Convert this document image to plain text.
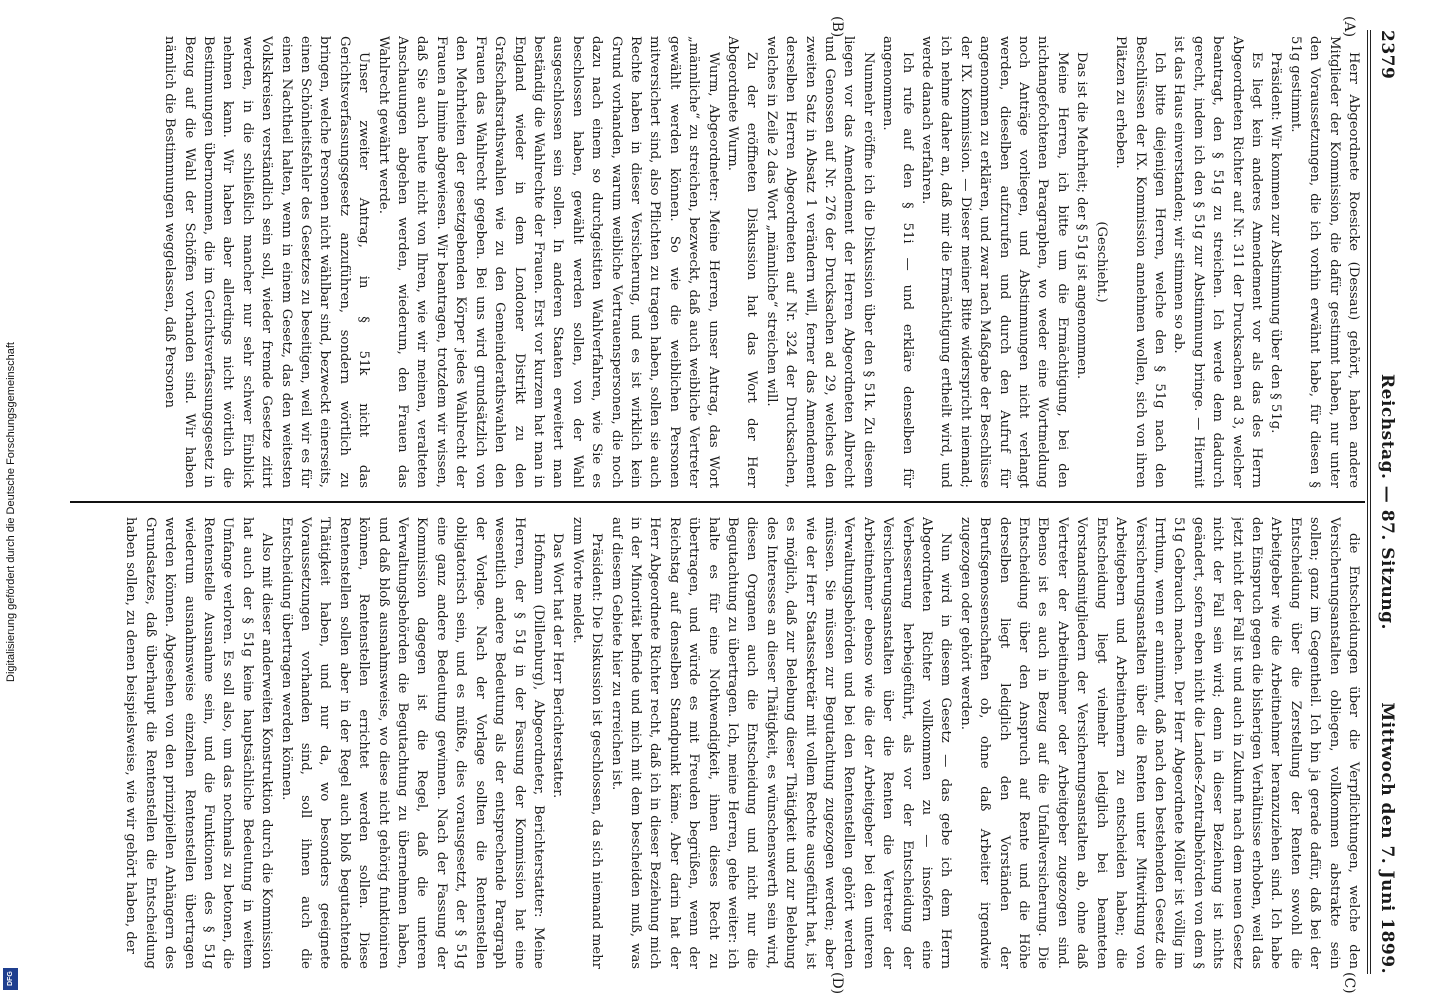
2379
Reichstag. — 87. Sitzung.
Mittwoch den 7. Juni 1899.
(A)
(B)
(C)
(D)

Herr Abgeordnete Roesicke (Dessau) gehört, haben andere Mitglieder der Kommission, die dafür gestimmt haben, nur unter den Voraussetzungen, die ich vorhin erwähnt habe, für diesen § 51g gestimmt.

Präsident: Wir kommen zur Abstimmung über den § 51g.

Es liegt kein anderes Amendement vor als das des Herrn Abgeordneten Richter auf Nr. 311 der Drucksachen ad 3, welcher beantragt, den § 51g zu streichen. Ich werde dem dadurch gerecht, indem ich den § 51g zur Abstimmung bringe. — Hiermit ist das Haus einverstanden; wir stimmen so ab.

Ich bitte diejenigen Herren, welche den § 51g nach den Beschlüssen der IX. Kommission annehmen wollen, sich von ihren Plätzen zu erheben.

(Geschieht.)

Das ist die Mehrheit; der § 51g ist angenommen.

Meine Herren, ich bitte um die Ermächtigung, bei den nichtangefochtenen Paragraphen, wo weder eine Wortmeldung noch Anträge vorliegen, und Abstimmungen nicht verlangt werden, dieselben aufzurufen und durch den Aufruf für angenommen zu erklären, und zwar nach Maßgabe der Beschlüsse der IX. Kommission. — Dieser meiner Bitte widerspricht niemand; ich nehme daher an, daß mir die Ermächtigung ertheilt wird, und werde danach verfahren.

Ich rufe auf den § 51i — und erkläre denselben für angenommen.

Nunmehr eröffne ich die Diskussion über den § 51k. Zu diesem liegen vor das Amendement der Herren Abgeordneten Albrecht und Genossen auf Nr. 276 der Drucksachen ad 29, welches den zweiten Satz in Absatz 1 verändern will, ferner das Amendement derselben Herren Abgeordneten auf Nr. 324 der Drucksachen, welches in Zeile 2 das Wort „männliche“ streichen will.

Zu der eröffneten Diskussion hat das Wort der Herr Abgeordnete Wurm.

Wurm, Abgeordneter: Meine Herren, unser Antrag, das Wort „männliche“ zu streichen, bezweckt, daß auch weibliche Vertreter gewählt werden können. So wie die weiblichen Personen mitversichert sind, also Pflichten zu tragen haben, sollen sie auch Rechte haben in dieser Versicherung, und es ist wirklich kein Grund vorhanden, warum weibliche Vertrauenspersonen, die noch dazu nach einem so durchgeistiten Wahlverfahren, wie Sie es beschlossen haben, gewählt werden sollen, von der Wahl ausgeschlossen sein sollen. In anderen Staaten erweitert man beständig die Wahlrechte der Frauen. Erst vor kurzem hat man in England wieder in dem Londoner Distrikt zu den Grafschaftsrathswahlen wie zu den Gemeinderathswahlen den Frauen das Wahlrecht gegeben. Bei uns wird grundsätzlich von den Mehrheiten der gesetzgebenden Körper jedes Wahlrecht der Frauen a limine abgewiesen. Wir beantragen, trotzdem wir wissen, daß Sie auch heute nicht von Ihren, wie wir meinen, veralteten Anschauungen abgehen werden, wiederum, den Frauen das Wahlrecht gewährt werde.

Unser zweiter Antrag, in § 51k nicht das Gerichtsverfassungsgesetz anzuführen, sondern wörtlich zu bringen, welche Personen nicht wählbar sind, bezweckt einerseits, einen Schönheitsfehler des Gesetzes zu beseitigen, weil wir es für einen Nachtheil halten, wenn in einem Gesetz, das den weitesten Volkskreisen verständlich sein soll, wieder fremde Gesetze zitirt werden, in die schließlich mancher nur sehr schwer Einblick nehmen kann. Wir haben aber allerdings nicht wörtlich die Bestimmungen übernommen, die im Gerichtsverfassungsgesetz in Bezug auf die Wahl der Schöffen vorhanden sind. Wir haben nämlich die Bestimmungen weggelassen, daß Personen

die Entscheidungen über die Verpflichtungen, welche den Versicherungsanstalten obliegen, vollkommen abstrakte sein sollen; ganz im Gegentheil. Ich bin ja gerade dafür, daß bei der Entscheidung über die Zerstellung der Renten sowohl die Arbeitgeber wie die Arbeitnehmer heranzuziehen sind. Ich habe den Einspruch gegen die bisherigen Verhältnisse erhoben, weil das jetzt nicht der Fall ist und auch in Zukunft nach dem neuen Gesetz nicht der Fall sein wird; denn in dieser Beziehung ist nichts geändert, sofern eben nicht die Landes-Zentralbehörden von dem § 51g Gebrauch machen. Der Herr Abgeordnete Möller ist völlig im Irrthum, wenn er annimmt, daß nach den bestehenden Gesetz die Versicherungsanstalten über die Renten unter Mitwirkung von Arbeitgebern und Arbeitnehmern zu entscheiden haben; die Entscheidung liegt vielmehr lediglich bei beamteten Vorstandsmitgliedern der Versicherungsanstalten ab, ohne daß Vertreter der Arbeitnehmer oder Arbeitgeber zugezogen sind. Ebenso ist es auch in Bezug auf die Unfallversicherung. Die Entscheidung über den Anspruch auf Rente und die Höhe derselben liegt lediglich den Vorständen der Berufsgenossenschaften ob, ohne daß Arbeiter irgendwie zugezogen oder gehört werden.

Nun wird in diesem Gesetz — das gebe ich dem Herrn Abgeordneten Richter vollkommen zu — insofern eine Verbesserung herbeigeführt, als vor der Entscheidung der Versicherungsanstalten über die Renten die Vertreter der Arbeitnehmer ebenso wie die der Arbeitgeber bei den unteren Verwaltungsbehörden und bei den Rentenstellen gehört werden müssen. Sie müssen zur Begutachtung zugezogen werden; aber wie der Herr Staatssekretär mit vollem Rechte ausgeführt hat, ist es möglich, daß zur Belebung dieser Thätigkeit und zur Belebung des Interesses an dieser Thätigkeit, es wünschenswerth sein wird, diesen Organen auch die Entscheidung und nicht nur die Begutachtung zu übertragen. Ich, meine Herren, gehe weiter: ich halte es für eine Nothwendigkeit, ihnen dieses Recht zu übertragen, und würde es mit Freuden begrüßen, wenn der Reichstag auf denselben Standpunkt käme. Aber darin hat der Herr Abgeordnete Richter recht, daß ich in dieser Beziehung mich in der Minorität befinde und mich mit dem bescheiden muß, was auf diesem Gebiete hier zu erreichen ist.

Präsident: Die Diskussion ist geschlossen, da sich niemand mehr zum Worte meldet.

Das Wort hat der Herr Berichterstatter.

Hofmann (Dillenburg), Abgeordneter, Berichterstatter: Meine Herren, der § 51g in der Fassung der Kommission hat eine wesentlich andere Bedeutung als der entsprechende Paragraph der Vorlage. Nach der Vorlage sollten die Rentenstellen obligatorisch sein, und es müßte, dies vorausgesetzt, der § 51g eine ganz andere Bedeutung gewinnen. Nach der Fassung der Kommission dagegen ist die Regel, daß die unteren Verwaltungsbehörden die Begutachtung zu übernehmen haben, und daß bloß ausnahmsweise, wo diese nicht gehörig funktioniren können, Rentenstellen errichtet werden sollen. Diese Rentenstellen sollen aber in der Regel auch bloß begutachtende Thätigkeit haben, und nur da, wo besonders geeignete Voraussetzungen vorhanden sind, soll ihnen auch die Entscheidung übertragen werden können.

Also mit dieser anderweiten Konstruktion durch die Kommission hat auch der § 51g keine hauptsächliche Bedeutung in weitem Umfange verloren. Es soll also, um das nochmals zu betonen, die Rentenstelle Ausnahme sein, und die Funktionen des § 51g wiederum ausnahmsweise einzelnen Rentenstellen übertragen werden können. Abgesehen von den prinzipiellen Anhängern des Grundsatzes, daß überhaupt die Rentenstellen die Entscheidung haben sollen, zu denen beispielsweise, wie wir gehört haben, der

Digitalisierung gefördert durch die Deutsche Forschungsgemeinschaft
DFG
